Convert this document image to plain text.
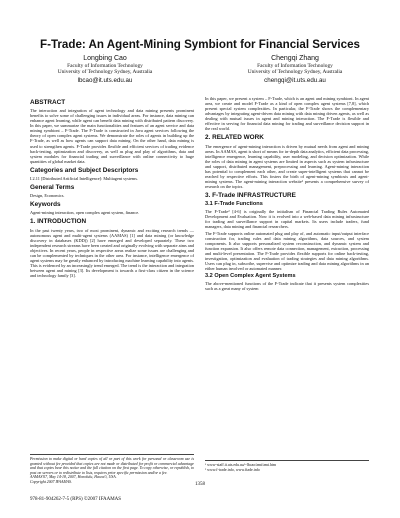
F-Trade: An Agent-Mining Symbiont for Financial Services
Longbing Cao
Faculty of Information Technology
University of Technology Sydney, Australia
lbcao@it.uts.edu.au
Chengqi Zhang
Faculty of Information Technology
University of Technology Sydney, Australia
chengqi@it.uts.edu.au
ABSTRACT

The interaction and integration of agent technology and data mining presents prominent benefits to solve some of challenging issues in individual areas. For instance, data mining can enhance agent learning, while agent can benefit data mining with distributed pattern discovery. In this paper, we summarize the main functionalities and features of an agent service and data mining symbiont – F-Trade. The F-Trade is constructed in Java agent services following the theory of open complex agent systems. We demonstrate the roles of agents in building up the F-Trade, as well as how agents can support data mining. On the other hand, data mining is used to strengthen agents. F-Trade provides flexible and efficient services of trading evidence back-testing, optimization and discovery, as well as plug and play of algorithms, data and system modules for financial trading and surveillance with online connectivity to huge quantities of global market data.

Categories and Subject Descriptors

I.2.11 [Distributed Artificial Intelligence]: Multiagent systems.

General Terms

Design, Economics.

Keywords

Agent-mining interaction, open complex agent system, finance.

1. INTRODUCTION

In the past twenty years, two of most prominent, dynamic and exciting research trends — autonomous agent and multi-agent systems (AAMAS) [1] and data mining (or knowledge discovery in databases (KDD)) [2] have emerged and developed separately. These two independent research streams have been created and originally evolving with separate aims and objectives. In recent years, people in respective areas realize some issues are challenging and can be complemented by techniques in the other area. For instance, intelligence emergence of agent systems may be greatly enhanced by introducing machine learning capability into agents. This is evidenced by an increasingly trend emerged. The trend is the interaction and integration between agent and mining [3]. Its development is towards a first-class citizen in the science and technology family [3].

Permission to make digital or hard copies of all or part of this work for personal or classroom use is granted without fee provided that copies are not made or distributed for profit or commercial advantage and that copies bear this notice and the full citation on the first page. To copy otherwise, or republish, to post on servers or to redistribute to lists, requires prior specific permission and/or a fee.

AAMAS'07, May 14-18, 2007, Honolulu, Hawai'i, USA.

Copyright 2007 IFAAMAS.

In this paper, we present a system – F-Trade, which is an agent and mining symbiont. In agent area, we create and model F-Trade as a kind of open complex agent systems [7,8], which present special system complexities. In particular, the F-Trade shows the complementary advantages by integrating agent-driven data mining with data mining driven agents, as well as dealing with mutual issues in agent and mining interaction. The F-Trade is flexible and effective in serving for financial data mining for trading and surveillance decision support in the real world.

2. RELATED WORK

The emergence of agent-mining interaction is driven by mutual needs from agent and mining areas. In AAMAS, agent is short of means for in-depth data analytics, efficient data processing, intelligence emergence, learning capability, user modeling, and decision optimization. While the roles of data mining in agent systems are limited in aspects such as system infrastructure and support, distributed management, preprocessing and learning. Agent-mining interaction has potential to complement each other, and create super-intelligent systems that cannot be reached by respective efforts. This fosters the birth of agent-mining symbiosis and agent-mining systems. The agent-mining interaction website¹ presents a comprehensive survey of research on the topics.

3. F-Trade INFRASTRUCTURE
3.1 F-Trade Functions

The F-Trade² [4-6] is originally the initialism of Financial Trading Rules Automated Development and Evaluation. Now it is evolved into a web-based data mining infrastructure for trading and surveillance support in capital markets. Its users include traders, fund managers, data mining and financial researchers.

The F-Trade supports online automated plug and play of, and automatic input/output interface construction for, trading rules and data mining algorithms, data sources, and system components. It also supports personalized system reconstruction, and dynamic system and function expansion. It also offers remote data connection, management, extraction, processing and multi-level presentation. The F-Trade provides flexible supports for online back-testing, investigation, optimization and evaluation of trading strategies and data mining algorithms. Users can plug in, subscribe, supervise and optimize trading and data mining algorithms in an either human involved or automated manner.

3.2 Open Complex Agent Systems

The above-mentioned functions of the F-Trade indicate that it presents system complexities such as a great many of system

¹ www-staff.it.uts.edu.au/~lbcao/ami/ami.htm

² www.f-trade.info, www.ftade.info

1358
978-81-904262-7-5 (RPS) ©2007 IFAAMAS
